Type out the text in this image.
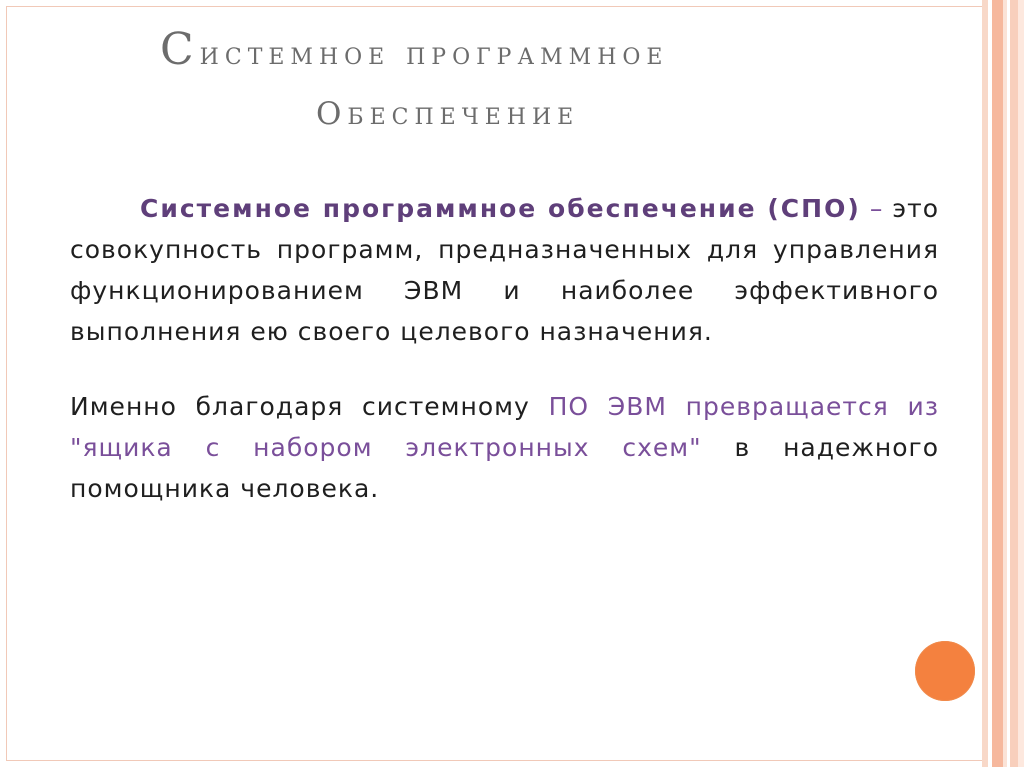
Системное программное
обеспечение

Системное программное обеспечение (СПО) – это совокупность программ, предназначенных для управления функционированием ЭВМ и наиболее эффективного выполнения ею своего целевого назначения.

Именно благодаря системному ПО ЭВМ превращается из "ящика с набором электронных схем" в надежного помощника человека.
